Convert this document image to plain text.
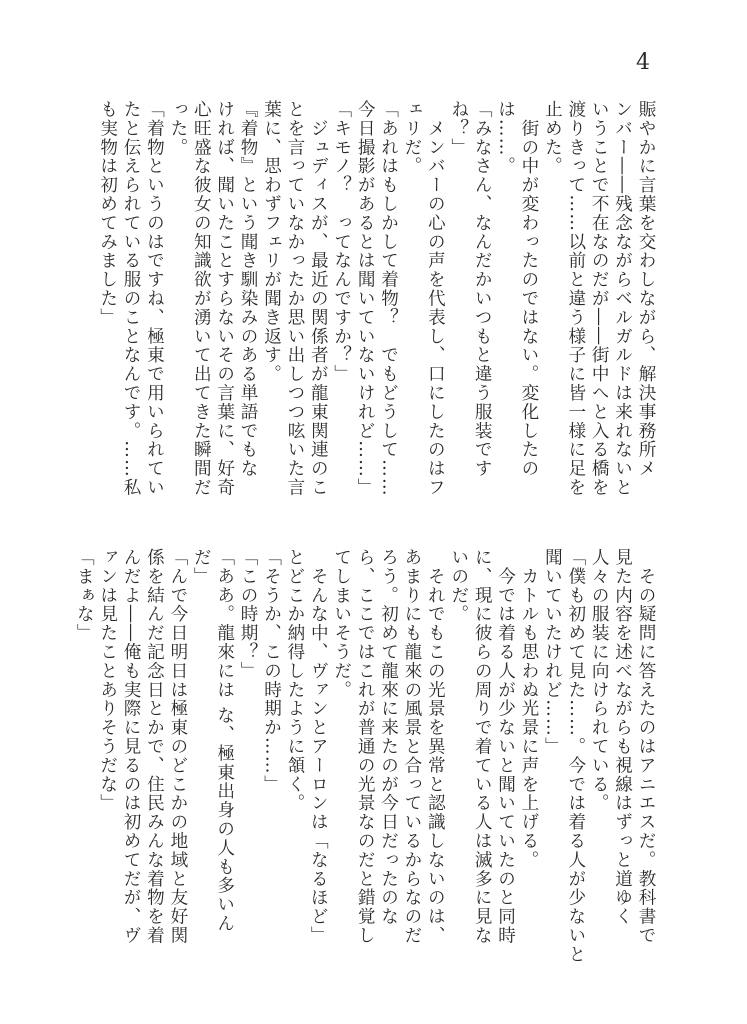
4
賑やかに言葉を交わしながら、解決事務所メ
ンバー――残念ながらベルガルドは来れないと
いうことで不在なのだが――街中へと入る橋を
渡りきって……以前と違う様子に皆一様に足を
止めた。
　街の中が変わったのではない。変化したの
は……。
「みなさん、なんだかいつもと違う服装です
ね？」
　メンバーの心の声を代表し、口にしたのはフ
ェリだ。
「あれはもしかして着物？　でもどうして……
今日撮影があるとは聞いていないけれど……」
「キモノ？　ってなんですか？」
　ジュディスが、最近の関係者が龍東関連のこ
とを言っていなかったか思い出しつつ呟いた言
葉に、思わずフェリが聞き返す。
『着物』という聞き馴染みのある単語でもな
ければ、聞いたことすらないその言葉に、好奇
心旺盛な彼女の知識欲が湧いて出てきた瞬間だ
った。
「着物というのはですね、極東で用いられてい
たと伝えられている服のことなんです。……私
も実物は初めてみました」
　その疑問に答えたのはアニエスだ。教科書で
見た内容を述べながらも視線はずっと道ゆく
人々の服装に向けられている。
「僕も初めて見た……。今では着る人が少ないと
聞いていたけれど……」
　カトルも思わぬ光景に声を上げる。
　今では着る人が少ないと聞いていたのと同時
に、現に彼らの周りで着ている人は滅多に見な
いのだ。
　それでもこの光景を異常と認識しないのは、
あまりにも龍來の風景と合っているからなのだ
ろう。初めて龍來に来たのが今日だったのな
ら、ここではこれが普通の光景なのだと錯覚し
てしまいそうだ。
　そんな中、ヴァンとアーロンは「なるほど」
とどこか納得したように頷く。
「そうか、この時期か……」
「この時期？」
「ああ。龍來には な、極東出身の人も多いん
だ」
「んで今日明日は極東のどこかの地域と友好関
係を結んだ記念日とかで、住民みんな着物を着
んだよ――俺も実際に見るのは初めてだが、ヴ
ァンは見たことありそうだな」
「まぁな」
